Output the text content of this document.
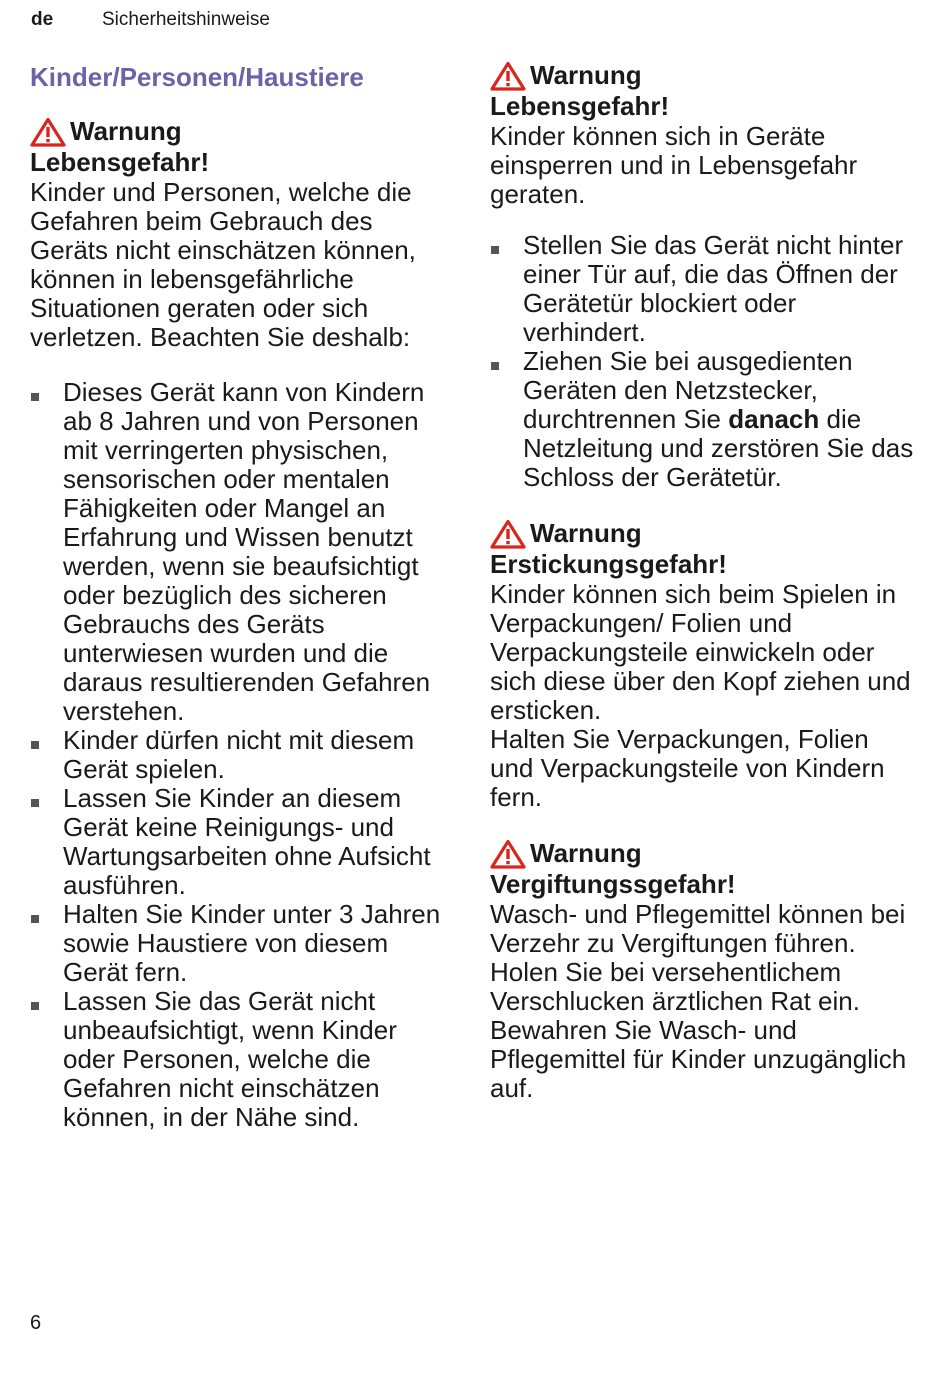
de	Sicherheitshinweise
Kinder/Personen/Haustiere
Warnung
Lebensgefahr!

Kinder und Personen, welche die Gefahren beim Gebrauch des Geräts nicht einschätzen können, können in lebensgefährliche Situationen geraten oder sich verletzen. Beachten Sie deshalb:

Dieses Gerät kann von Kindern ab 8 Jahren und von Personen mit verringerten physischen, sensorischen oder mentalen Fähigkeiten oder Mangel an Erfahrung und Wissen benutzt werden, wenn sie beaufsichtigt oder bezüglich des sicheren Gebrauchs des Geräts unterwiesen wurden und die daraus resultierenden Gefahren verstehen.
Kinder dürfen nicht mit diesem Gerät spielen.
Lassen Sie Kinder an diesem Gerät keine Reinigungs- und Wartungsarbeiten ohne Aufsicht ausführen.
Halten Sie Kinder unter 3 Jahren sowie Haustiere von diesem Gerät fern.
Lassen Sie das Gerät nicht unbeaufsichtigt, wenn Kinder oder Personen, welche die Gefahren nicht einschätzen können, in der Nähe sind.
Warnung
Lebensgefahr!

Kinder können sich in Geräte einsperren und in Lebensgefahr geraten.

Stellen Sie das Gerät nicht hinter einer Tür auf, die das Öffnen der Gerätetür blockiert oder verhindert.
Ziehen Sie bei ausgedienten Geräten den Netzstecker, durchtrennen Sie danach die Netzleitung und zerstören Sie das Schloss der Gerätetür.
Warnung
Erstickungsgefahr!

Kinder können sich beim Spielen in Verpackungen/ Folien und Verpackungsteile einwickeln oder sich diese über den Kopf ziehen und ersticken.

Halten Sie Verpackungen, Folien und Verpackungsteile von Kindern fern.

Warnung
Vergiftungssgefahr!

Wasch- und Pflegemittel können bei Verzehr zu Vergiftungen führen.

Holen Sie bei versehentlichem Verschlucken ärztlichen Rat ein. Bewahren Sie Wasch- und Pflegemittel für Kinder unzugänglich auf.

6
